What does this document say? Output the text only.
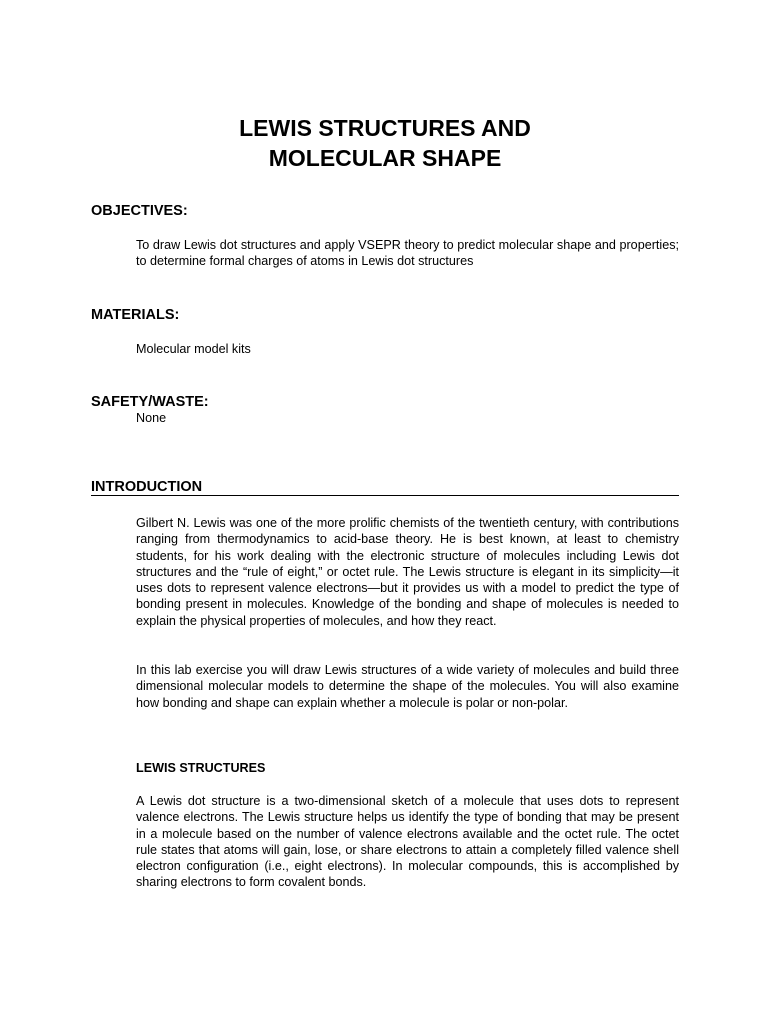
LEWIS STRUCTURES AND
MOLECULAR SHAPE
OBJECTIVES:

To draw Lewis dot structures and apply VSEPR theory to predict molecular shape and properties; to determine formal charges of atoms in Lewis dot structures

MATERIALS:

Molecular model kits

SAFETY/WASTE:

None

INTRODUCTION

Gilbert N. Lewis was one of the more prolific chemists of the twentieth century, with contributions ranging from thermodynamics to acid-base theory. He is best known, at least to chemistry students, for his work dealing with the electronic structure of molecules including Lewis dot structures and the “rule of eight,” or octet rule. The Lewis structure is elegant in its simplicity—it uses dots to represent valence electrons—but it provides us with a model to predict the type of bonding present in molecules. Knowledge of the bonding and shape of molecules is needed to explain the physical properties of molecules, and how they react.

In this lab exercise you will draw Lewis structures of a wide variety of molecules and build three dimensional molecular models to determine the shape of the molecules. You will also examine how bonding and shape can explain whether a molecule is polar or non-polar.

LEWIS STRUCTURES

A Lewis dot structure is a two-dimensional sketch of a molecule that uses dots to represent valence electrons. The Lewis structure helps us identify the type of bonding that may be present in a molecule based on the number of valence electrons available and the octet rule. The octet rule states that atoms will gain, lose, or share electrons to attain a completely filled valence shell electron configuration (i.e., eight electrons). In molecular compounds, this is accomplished by sharing electrons to form covalent bonds.
